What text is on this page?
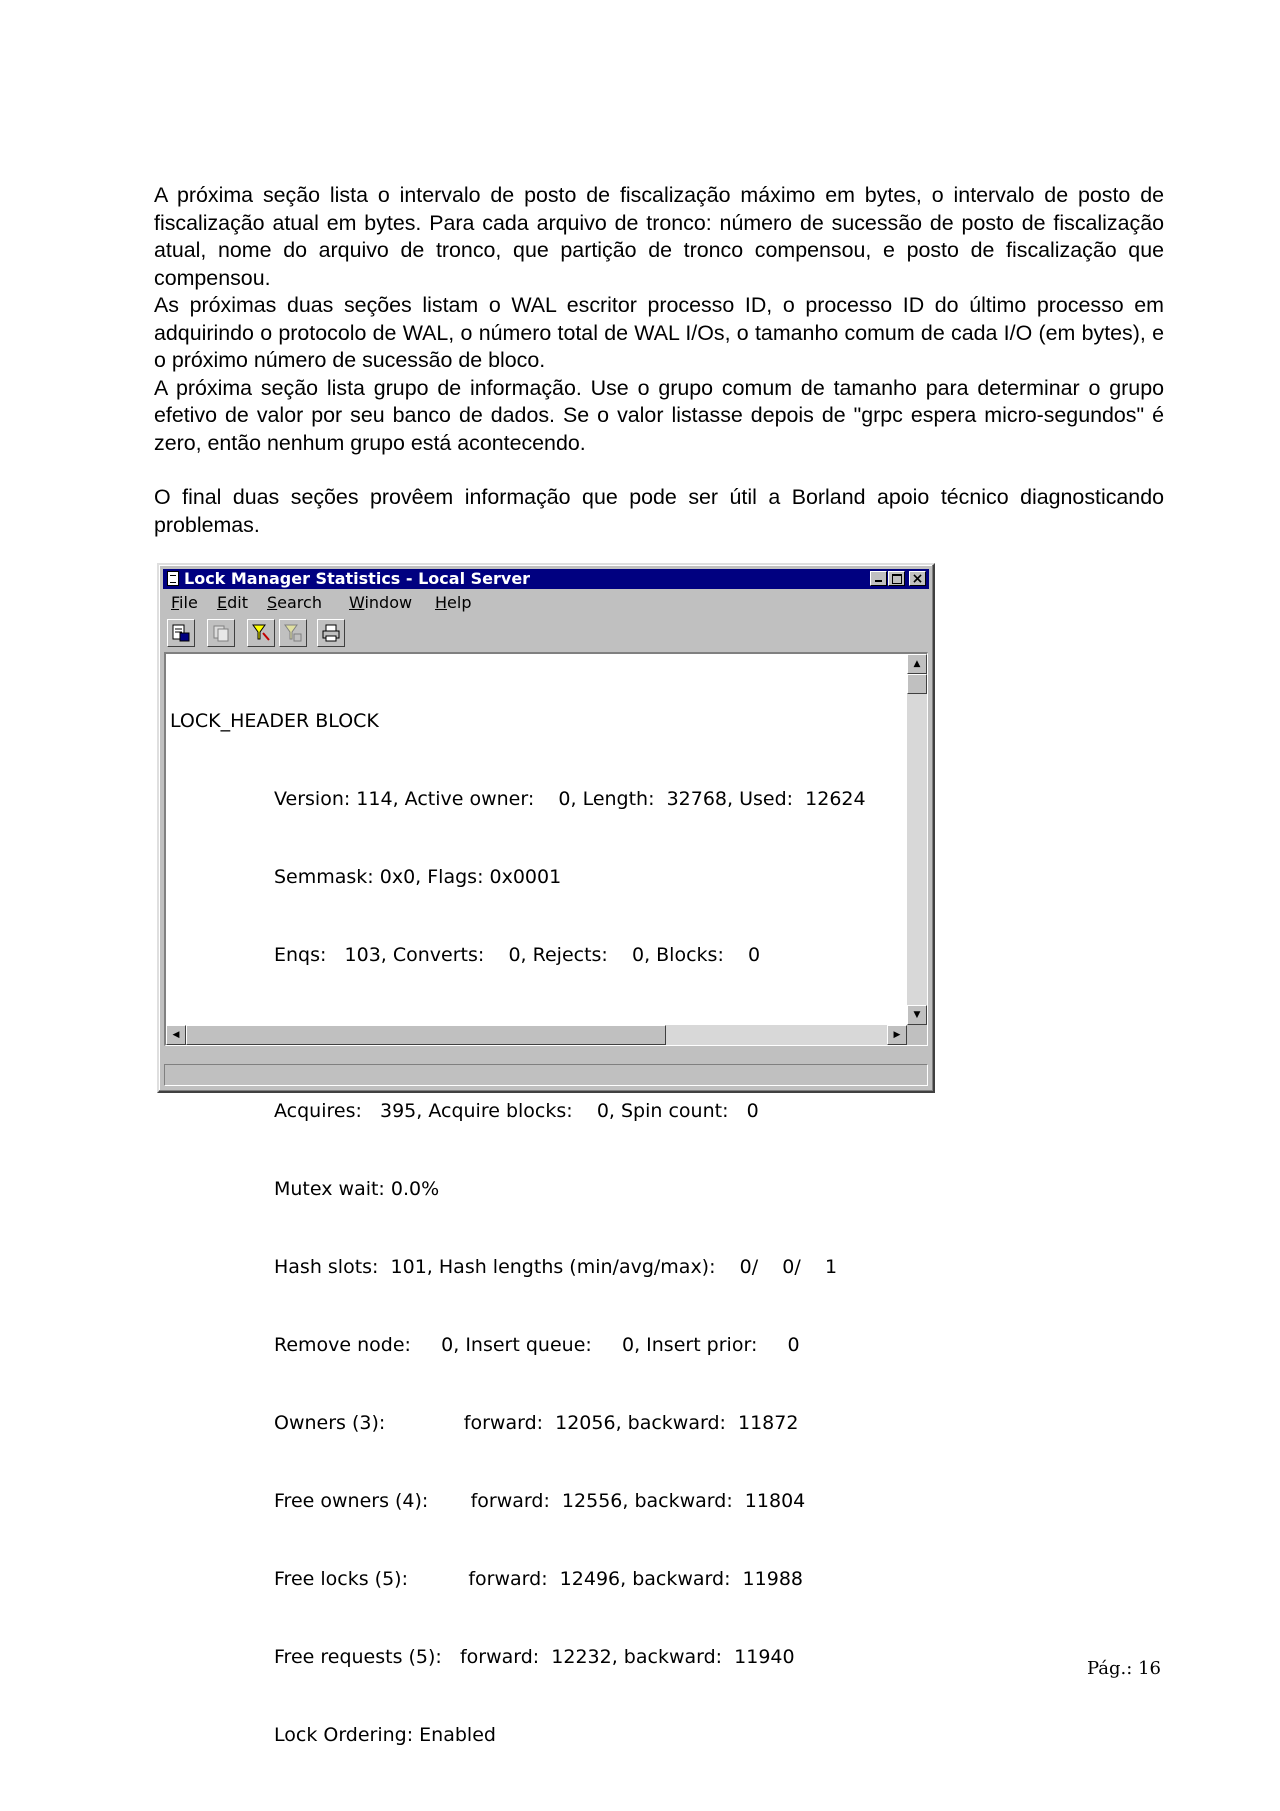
A próxima seção lista o intervalo de posto de fiscalização máximo em bytes, o intervalo de posto de fiscalização atual em bytes. Para cada arquivo de tronco: número de sucessão de posto de fiscalização atual, nome do arquivo de tronco, que partição de tronco compensou, e posto de fiscalização que compensou.

As próximas duas seções listam o WAL escritor processo ID, o processo ID do último processo em adquirindo o protocolo de WAL, o número total de WAL I/Os, o tamanho comum de cada I/O (em bytes), e o próximo número de sucessão de bloco.

A próxima seção lista grupo de informação. Use o grupo comum de tamanho para determinar o grupo efetivo de valor por seu banco de dados. Se o valor listasse depois de "grpc espera micro-segundos" é zero, então nenhum grupo está acontecendo.

O final duas seções provêem informação que pode ser útil a Borland apoio técnico diagnosticando problemas.

Lock Manager Statistics - Local Server	×
File Edit Search Window Help

LOCK_HEADER BLOCK

Version: 114, Active owner:    0, Length:  32768, Used:  12624

Semmask: 0x0, Flags: 0x0001

Enqs:   103, Converts:    0, Rejects:    0, Blocks:    0

Acquires:   395, Acquire blocks:    0, Spin count:   0

Mutex wait: 0.0%

Hash slots:  101, Hash lengths (min/avg/max):    0/    0/    1

Remove node:     0, Insert queue:     0, Insert prior:     0

Owners (3):             forward:  12056, backward:  11872

Free owners (4):       forward:  12556, backward:  11804

Free locks (5):          forward:  12496, backward:  11988

Free requests (5):   forward:  12232, backward:  11940

Lock Ordering: Enabled

▲
▼
◀	▶
Pág.: 16
